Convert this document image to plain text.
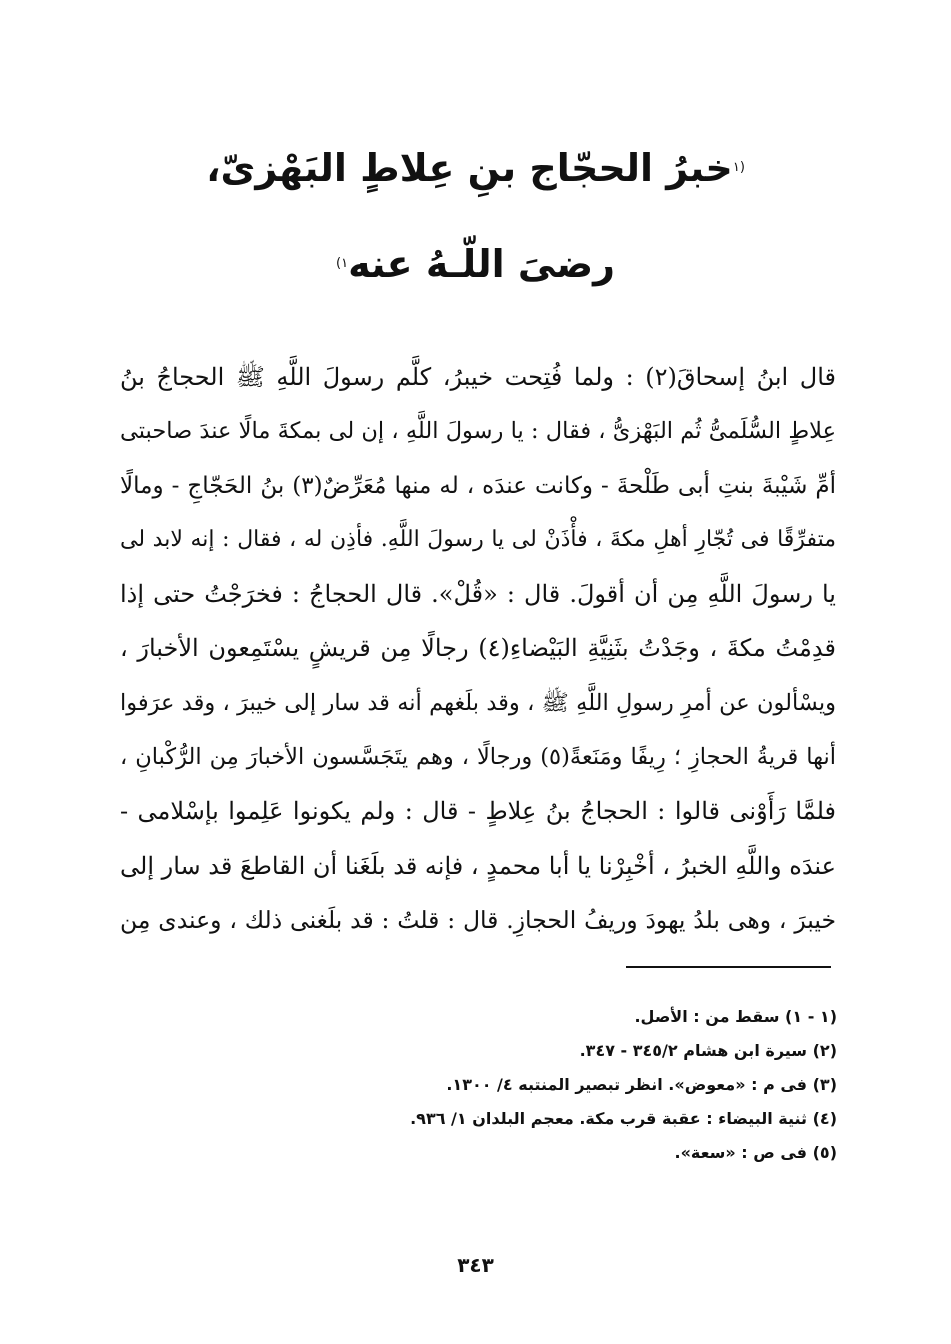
$^{(١}$خبرُ الحجّاج بنِ عِلاطٍ البَهْزىّ،
رضىَ اللّـهُ عنه$^{١)}$
قال ابنُ إسحاقَ(٢) : ولما فُتِحت خيبرُ، كلَّم رسولَ اللَّهِ ﷺ الحجاجُ بنُ
عِلاطٍ السُّلَمىُّ ثُم البَهْزىُّ ، فقال : يا رسولَ اللَّهِ ، إن لى بمكةَ مالًا عندَ صاحبتى
أمِّ شَيْبةَ بنتِ أبى طَلْحةَ - وكانت عندَه ، له منها مُعَرِّضٌ(٣) بنُ الحَجّاجِ - ومالًا
متفرِّقًا فى تُجّارِ أهلِ مكةَ ، فأْذَنْ لى يا رسولَ اللَّهِ. فأذِن له ، فقال : إنه لابد لى
يا رسولَ اللَّهِ مِن أن أقولَ. قال : «قُلْ». قال الحجاجُ : فخرَجْتُ حتى إذا
قدِمْتُ مكةَ ، وجَدْتُ بثَنِيَّةِ البَيْضاءِ(٤) رجالًا مِن قريشٍ يسْتَمِعون الأخبارَ ،
ويسْألون عن أمرِ رسولِ اللَّهِ ﷺ ، وقد بلَغهم أنه قد سار إلى خيبرَ ، وقد عرَفوا
أنها قريةُ الحجازِ ؛ رِيفًا ومَنَعةً(٥) ورجالًا ، وهم يتَجَسَّسون الأخبارَ مِن الرُّكْبانِ ،
فلمَّا رَأَوْنى قالوا : الحجاجُ بنُ عِلاطٍ - قال : ولم يكونوا عَلِموا بإسْلامى -
عندَه واللَّهِ الخبرُ ، أخْبِرْنا يا أبا محمدٍ ، فإنه قد بلَغَنا أن القاطعَ قد سار إلى
خيبرَ ، وهى بلدُ يهودَ وريفُ الحجازِ. قال : قلتُ : قد بلَغنى ذلك ، وعندى مِن
(١ - ١) سقط من : الأصل.
(٢) سيرة ابن هشام ٣٤٥/٢ - ٣٤٧.
(٣) فى م : «معوض». انظر تبصير المنتبه ٤/ ١٣٠٠.
(٤) ثنية البيضاء : عقبة قرب مكة. معجم البلدان ١/ ٩٣٦.
(٥) فى ص : «سعة».
٣٤٣
